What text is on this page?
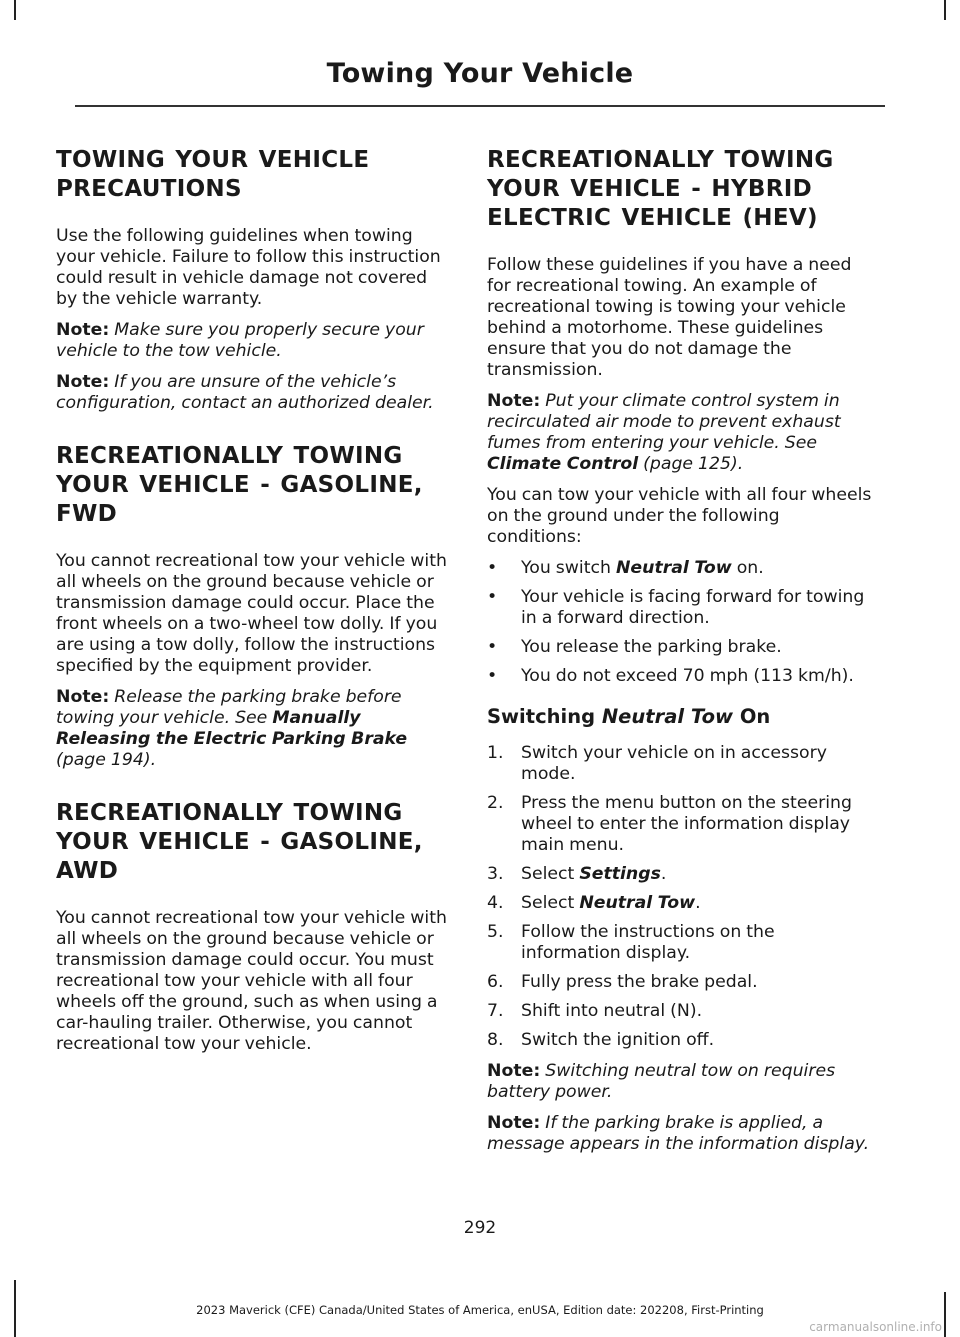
Towing Your Vehicle
TOWING YOUR VEHICLE PRECAUTIONS

Use the following guidelines when towing your vehicle. Failure to follow this instruction could result in vehicle damage not covered by the vehicle warranty.

Note: Make sure you properly secure your vehicle to the tow vehicle.

Note: If you are unsure of the vehicle’s configuration, contact an authorized dealer.

RECREATIONALLY TOWING YOUR VEHICLE - GASOLINE, FWD

You cannot recreational tow your vehicle with all wheels on the ground because vehicle or transmission damage could occur. Place the front wheels on a two-wheel tow dolly. If you are using a tow dolly, follow the instructions specified by the equipment provider.

Note: Release the parking brake before towing your vehicle. See Manually Releasing the Electric Parking Brake (page 194).

RECREATIONALLY TOWING YOUR VEHICLE - GASOLINE, AWD

You cannot recreational tow your vehicle with all wheels on the ground because vehicle or transmission damage could occur. You must recreational tow your vehicle with all four wheels off the ground, such as when using a car-hauling trailer. Otherwise, you cannot recreational tow your vehicle.

RECREATIONALLY TOWING YOUR VEHICLE - HYBRID ELECTRIC VEHICLE (HEV)

Follow these guidelines if you have a need for recreational towing. An example of recreational towing is towing your vehicle behind a motorhome. These guidelines ensure that you do not damage the transmission.

Note: Put your climate control system in recirculated air mode to prevent exhaust fumes from entering your vehicle. See Climate Control (page 125).

You can tow your vehicle with all four wheels on the ground under the following conditions:

•	You switch Neutral Tow on.
•	Your vehicle is facing forward for towing in a forward direction.
•	You release the parking brake.
•	You do not exceed 70 mph (113 km/h).
Switching Neutral Tow On
1.	Switch your vehicle on in accessory mode.
2.	Press the menu button on the steering wheel to enter the information display main menu.
3.	Select Settings.
4.	Select Neutral Tow.
5.	Follow the instructions on the information display.
6.	Fully press the brake pedal.
7.	Shift into neutral (N).
8.	Switch the ignition off.

Note: Switching neutral tow on requires battery power.

Note: If the parking brake is applied, a message appears in the information display.

292
2023 Maverick (CFE) Canada/United States of America, enUSA, Edition date: 202208, First-Printing
carmanualsonline.info
